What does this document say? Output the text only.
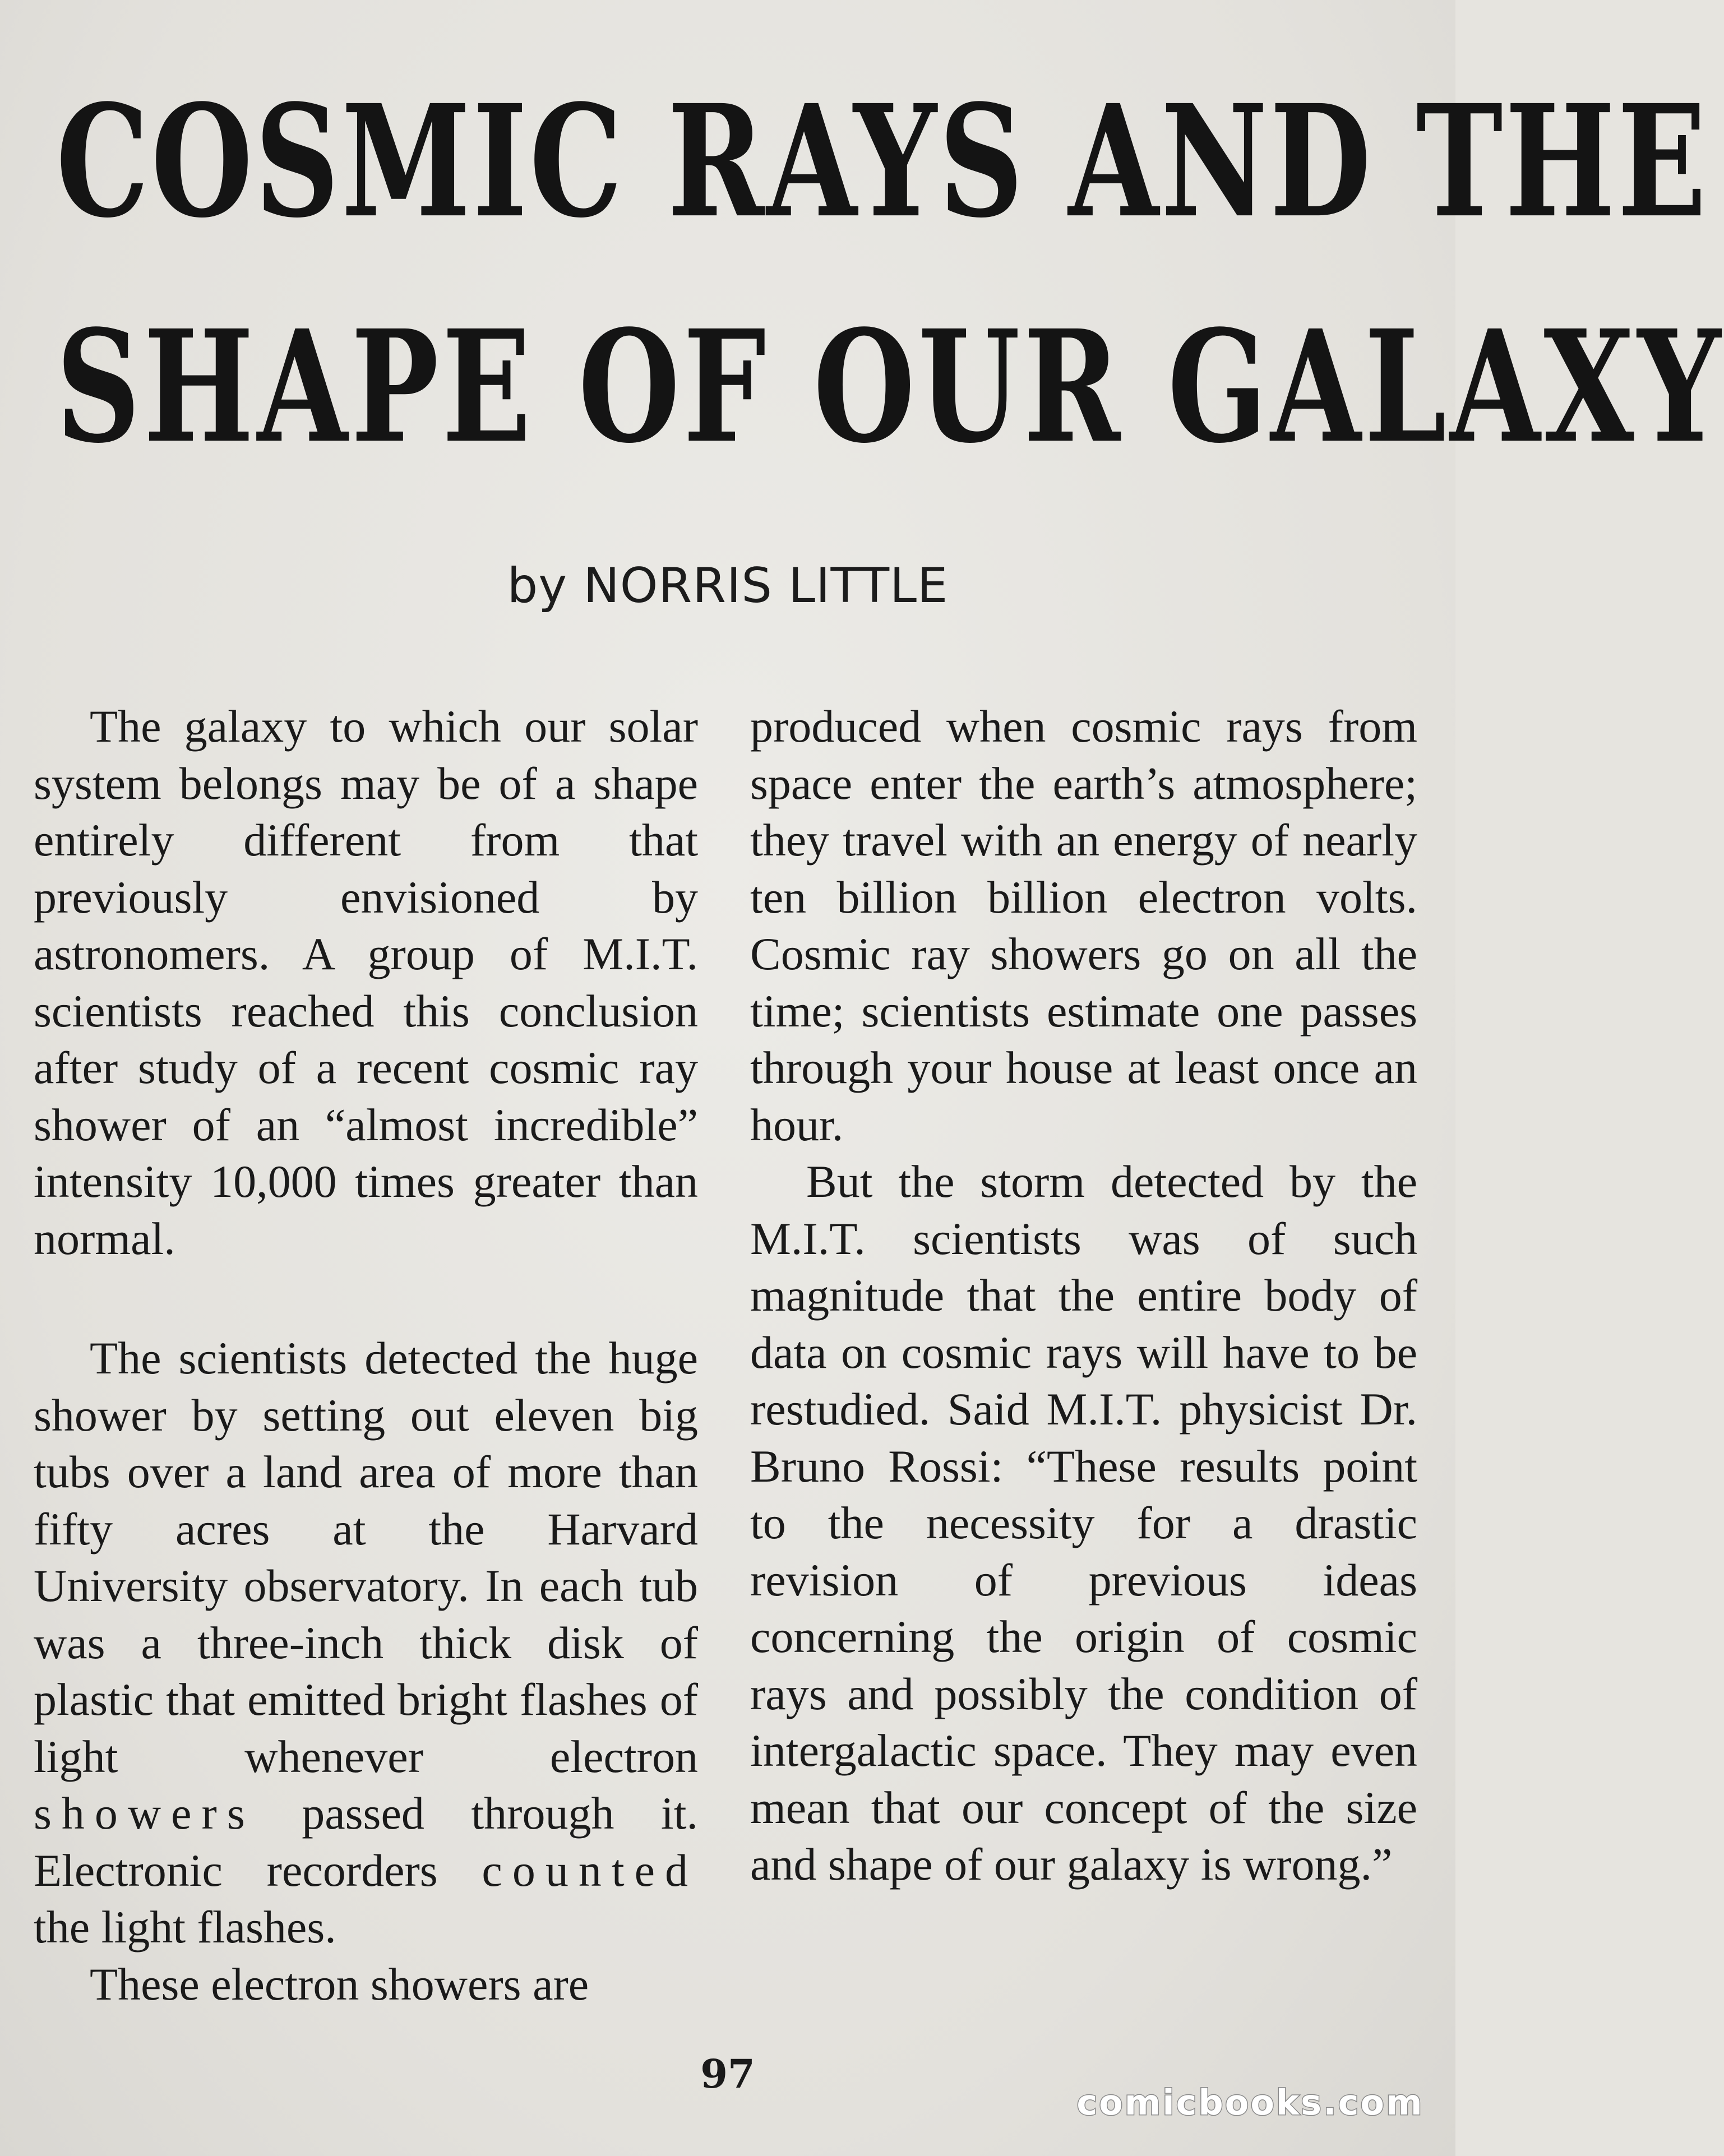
COSMIC RAYS AND THE
SHAPE OF OUR GALAXY
by NORRIS LITTLE

The galaxy to which our solar system belongs may be of a shape entirely different from that previously envisioned by astronomers. A group of M.I.T. scientists reached this conclusion after study of a recent cosmic ray shower of an “almost incredible” intensity 10,000 times greater than normal.

The scientists detected the huge shower by setting out eleven big tubs over a land area of more than fifty acres at the Harvard University observatory. In each tub was a three-inch thick disk of plastic that emitted bright flashes of light whenever electron showers passed through it. Electronic recorders counted the light flashes.

These electron showers are

produced when cosmic rays from space enter the earth’s atmosphere; they travel with an energy of nearly ten billion billion electron volts. Cosmic ray showers go on all the time; scientists estimate one passes through your house at least once an hour.

But the storm detected by the M.I.T. scientists was of such magnitude that the entire body of data on cosmic rays will have to be restudied. Said M.I.T. physicist Dr. Bruno Rossi: “These results point to the necessity for a drastic revision of previous ideas concerning the origin of cosmic rays and possibly the condition of intergalactic space. They may even mean that our concept of the size and shape of our galaxy is wrong.”

97
comicbooks.com
